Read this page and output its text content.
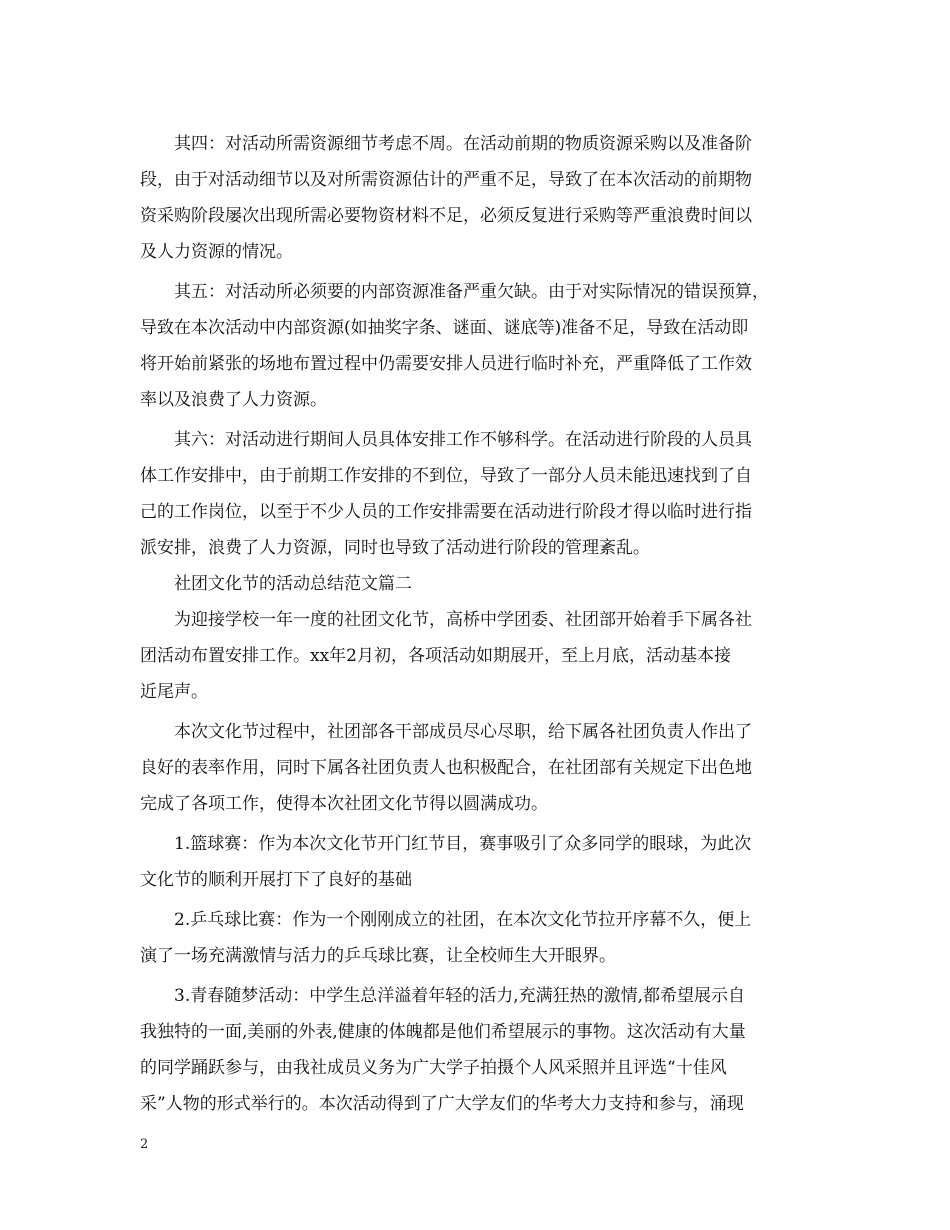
其四：对活动所需资源细节考虑不周。在活动前期的物质资源采购以及准备阶
段，由于对活动细节以及对所需资源估计的严重不足，导致了在本次活动的前期物
资采购阶段屡次出现所需必要物资材料不足，必须反复进行采购等严重浪费时间以
及人力资源的情况。
其五：对活动所必须要的内部资源准备严重欠缺。由于对实际情况的错误预算，
导致在本次活动中内部资源(如抽奖字条、谜面、谜底等)准备不足，导致在活动即
将开始前紧张的场地布置过程中仍需要安排人员进行临时补充，严重降低了工作效
率以及浪费了人力资源。
其六：对活动进行期间人员具体安排工作不够科学。在活动进行阶段的人员具
体工作安排中，由于前期工作安排的不到位，导致了一部分人员未能迅速找到了自
己的工作岗位，以至于不少人员的工作安排需要在活动进行阶段才得以临时进行指
派安排，浪费了人力资源，同时也导致了活动进行阶段的管理紊乱。
社团文化节的活动总结范文篇二
为迎接学校一年一度的社团文化节，高桥中学团委、社团部开始着手下属各社
团活动布置安排工作。xx年2月初，各项活动如期展开，至上月底，活动基本接
近尾声。
本次文化节过程中，社团部各干部成员尽心尽职，给下属各社团负责人作出了
良好的表率作用，同时下属各社团负责人也积极配合，在社团部有关规定下出色地
完成了各项工作，使得本次社团文化节得以圆满成功。
1.篮球赛：作为本次文化节开门红节目，赛事吸引了众多同学的眼球，为此次
文化节的顺利开展打下了良好的基础
2.乒乓球比赛：作为一个刚刚成立的社团，在本次文化节拉开序幕不久，便上
演了一场充满激情与活力的乒乓球比赛，让全校师生大开眼界。
3.青春随梦活动：中学生总洋溢着年轻的活力,充满狂热的激情,都希望展示自
我独特的一面,美丽的外表,健康的体魄都是他们希望展示的事物。这次活动有大量
的同学踊跃参与，由我社成员义务为广大学子拍摄个人风采照并且评选“十佳风
采”人物的形式举行的。本次活动得到了广大学友们的华考大力支持和参与，涌现
2
